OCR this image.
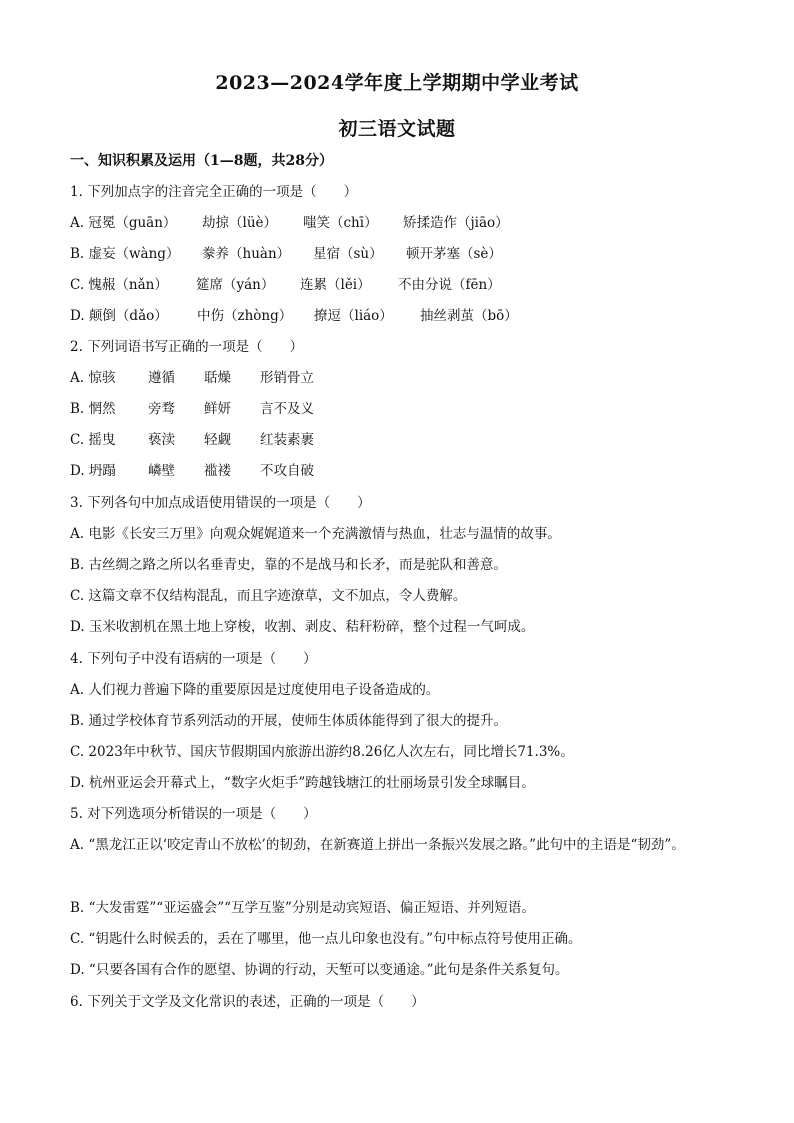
2023—2024学年度上学期期中学业考试
初三语文试题
一、知识积累及运用（1—8题，共28分）
1. 下列加点字的注音完全正确的一项是（　　）
A. 冠冕（guān） 劫掠（lüè） 嗤笑（chī） 矫揉造作（jiāo）
B. 虚妄（wàng） 豢养（huàn） 星宿（sù） 顿开茅塞（sè）
C. 愧赧（nǎn） 筵席（yán） 连累（lěi） 不由分说（fēn）
D. 颠倒（dǎo） 中伤（zhòng） 撩逗（liáo） 抽丝剥茧（bō）
2. 下列词语书写正确的一项是（　　）
A. 惊骇 遵循 聒燥 形销骨立
B. 惘然 旁骛 鲜妍 言不及义
C. 摇曳 亵渎 轻觑 红装素裹
D. 坍蹋 嶙壁 褴褛 不攻自破
3. 下列各句中加点成语使用错误的一项是（　　）
A. 电影《长安三万里》向观众娓娓道来一个充满激情与热血，壮志与温情的故事。
B. 古丝绸之路之所以名垂青史，靠的不是战马和长矛，而是驼队和善意。
C. 这篇文章不仅结构混乱，而且字迹潦草，文不加点，令人费解。
D. 玉米收割机在黑土地上穿梭，收割、剥皮、秸秆粉碎，整个过程一气呵成。
4. 下列句子中没有语病的一项是（　　）
A. 人们视力普遍下降的重要原因是过度使用电子设备造成的。
B. 通过学校体育节系列活动的开展，使师生体质体能得到了很大的提升。
C. 2023年中秋节、国庆节假期国内旅游出游约8.26亿人次左右，同比增长71.3%。
D. 杭州亚运会开幕式上，“数字火炬手”跨越钱塘江的壮丽场景引发全球瞩目。
5. 对下列选项分析错误的一项是（　　）
A. “黑龙江正以‘咬定青山不放松’的韧劲，在新赛道上拼出一条振兴发展之路。”此句中的主语是“韧劲”。
B. “大发雷霆”“亚运盛会”“互学互鉴”分别是动宾短语、偏正短语、并列短语。
C. “钥匙什么时候丢的，丢在了哪里，他一点儿印象也没有。”句中标点符号使用正确。
D. “只要各国有合作的愿望、协调的行动，天堑可以变通途。”此句是条件关系复句。
6. 下列关于文学及文化常识的表述，正确的一项是（　　）
